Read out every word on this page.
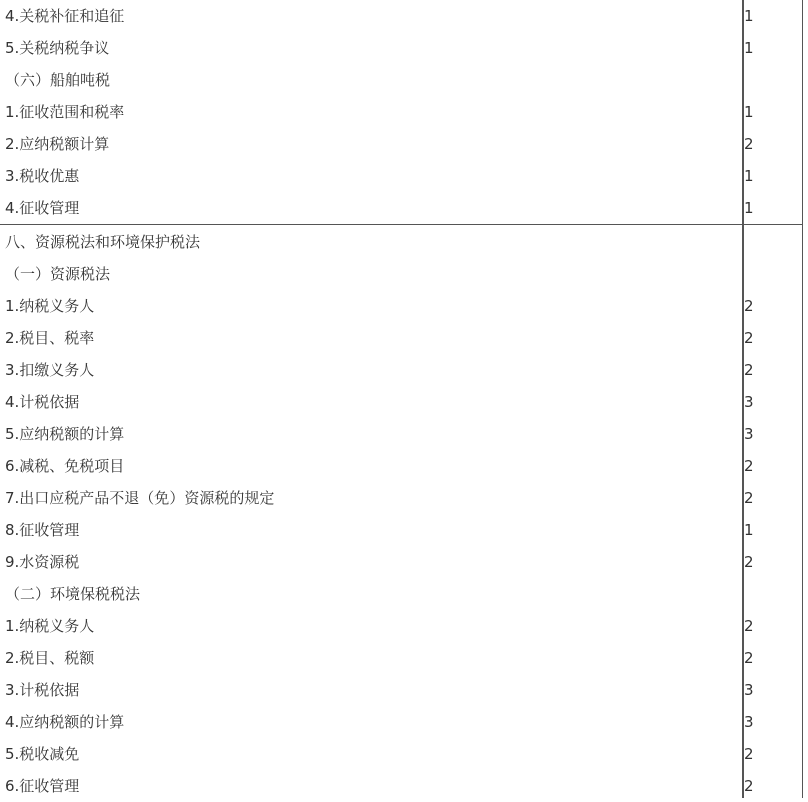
4.关税补征和追征	1
5.关税纳税争议	1
（六）船舶吨税
1.征收范围和税率	1
2.应纳税额计算	2
3.税收优惠	1
4.征收管理	1
八、资源税法和环境保护税法
（一）资源税法
1.纳税义务人	2
2.税目、税率	2
3.扣缴义务人	2
4.计税依据	3
5.应纳税额的计算	3
6.减税、免税项目	2
7.出口应税产品不退（免）资源税的规定	2
8.征收管理	1
9.水资源税	2
（二）环境保税税法
1.纳税义务人	2
2.税目、税额	2
3.计税依据	3
4.应纳税额的计算	3
5.税收减免	2
6.征收管理	2
